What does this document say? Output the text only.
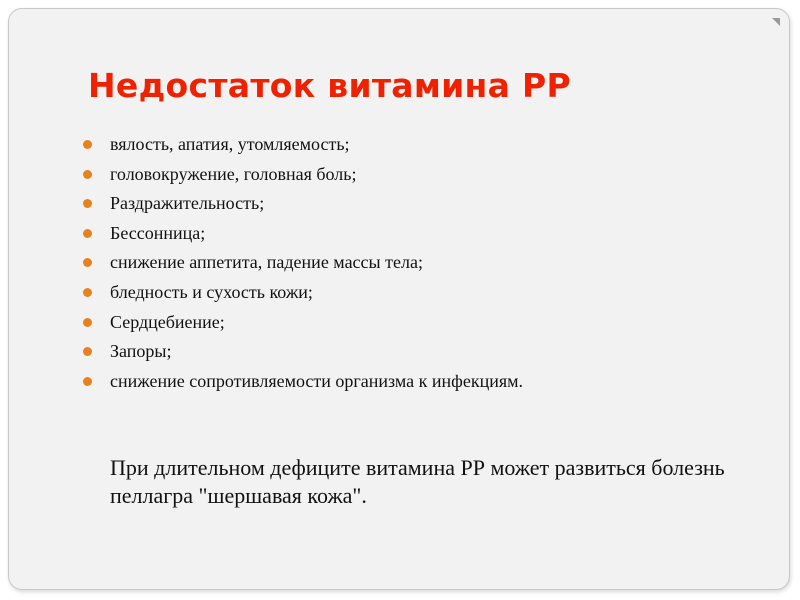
Недостаток витамина РР
вялость, апатия, утомляемость;
головокружение, головная боль;
Раздражительность;
Бессонница;
снижение аппетита, падение массы тела;
бледность и сухость кожи;
Сердцебиение;
Запоры;
снижение сопротивляемости организма к инфекциям.

При длительном дефиците витамина РР может развиться болезнь пеллагра "шершавая кожа".
